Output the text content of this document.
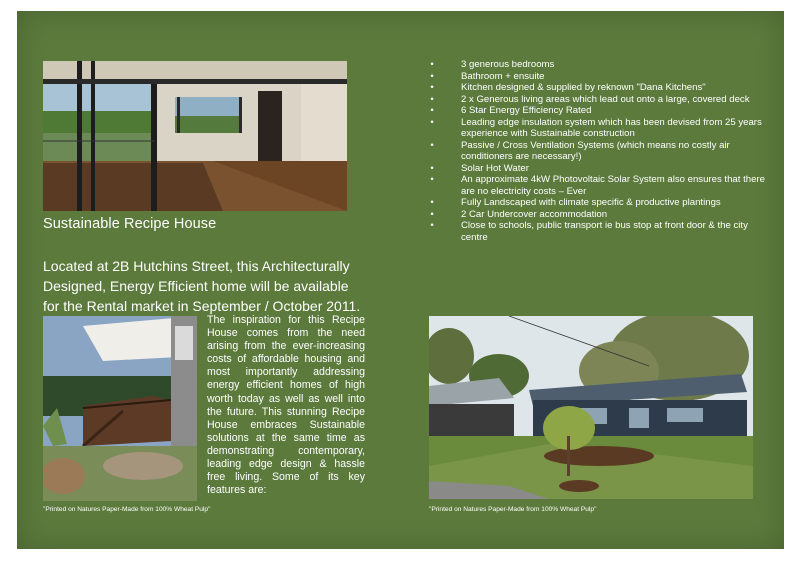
Sustainable Recipe House
Located at 2B Hutchins Street, this Architecturally Designed, Energy Efficient home will be available for the Rental market in September / October 2011.
The inspiration for this Recipe House comes from the need arising from the ever-increasing costs of affordable housing and most importantly addressing energy efficient homes of high worth today as well as well into the future. This stunning Recipe House embraces Sustainable solutions at the same time as demonstrating contemporary, leading edge design & hassle free living. Some of its key features are:
"Printed on Natures Paper-Made from 100% Wheat Pulp"
•	3 generous bedrooms
•	Bathroom + ensuite
•	Kitchen designed & supplied by reknown "Dana Kitchens"
•	2 x Generous living areas which lead out onto a large, covered deck
•	6 Star Energy Efficiency Rated
•	Leading edge insulation system which has been devised from 25 years experience with Sustainable construction
•	Passive / Cross Ventilation Systems (which means no costly air conditioners are necessary!)
•	Solar Hot Water
•	An approximate 4kW Photovoltaic Solar System also ensures that there are no electricity costs – Ever
•	Fully Landscaped with climate specific & productive plantings
•	2 Car Undercover accommodation
•	Close to schools, public transport ie bus stop at front door & the city centre
"Printed on Natures Paper-Made from 100% Wheat Pulp"
